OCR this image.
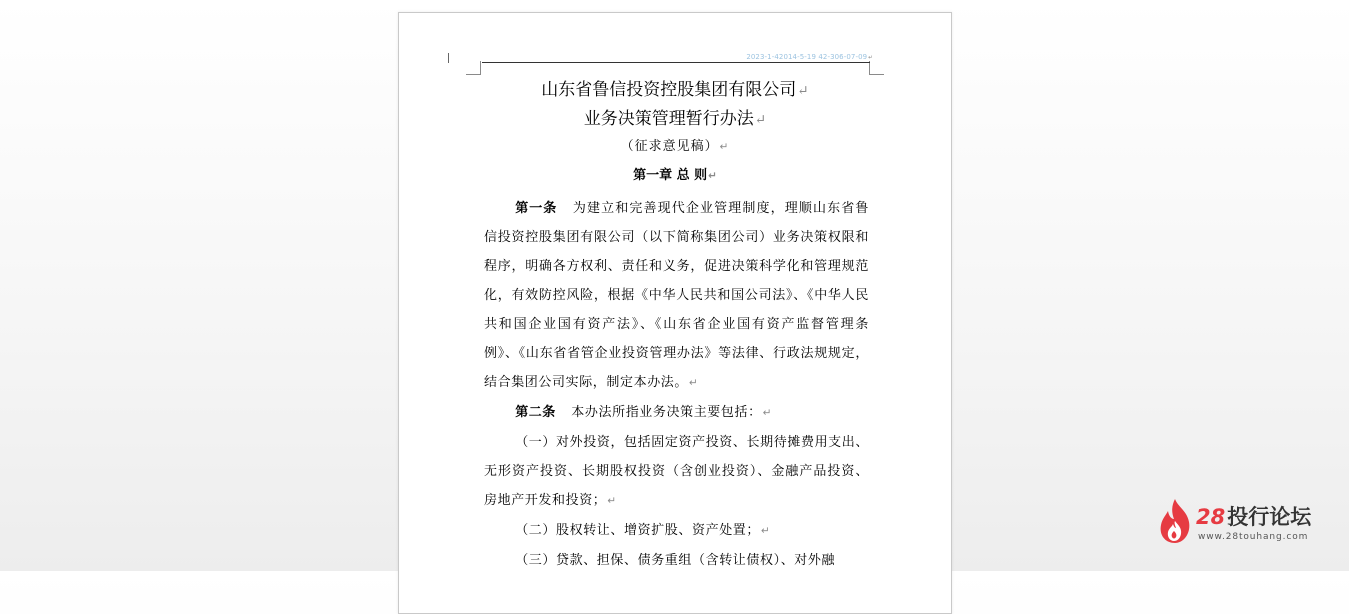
2023-1-42014-5-19 42-306-07-09↵
山东省鲁信投资控股集团有限公司↵
业务决策管理暂行办法↵
（征求意见稿）↵
第一章 总 则↵

第一条 为建立和完善现代企业管理制度，理顺山东省鲁信投资控股集团有限公司（以下简称集团公司）业务决策权限和程序，明确各方权利、责任和义务，促进决策科学化和管理规范化，有效防控风险，根据《中华人民共和国公司法》、《中华人民共和国企业国有资产法》、《山东省企业国有资产监督管理条例》、《山东省省管企业投资管理办法》等法律、行政法规规定，结合集团公司实际，制定本办法。↵

第二条 本办法所指业务决策主要包括：↵

（一）对外投资，包括固定资产投资、长期待摊费用支出、无形资产投资、长期股权投资（含创业投资）、金融产品投资、房地产开发和投资；↵

（二）股权转让、增资扩股、资产处置；↵

（三）贷款、担保、债务重组（含转让债权）、对外融

28投行论坛
www.28touhang.com
